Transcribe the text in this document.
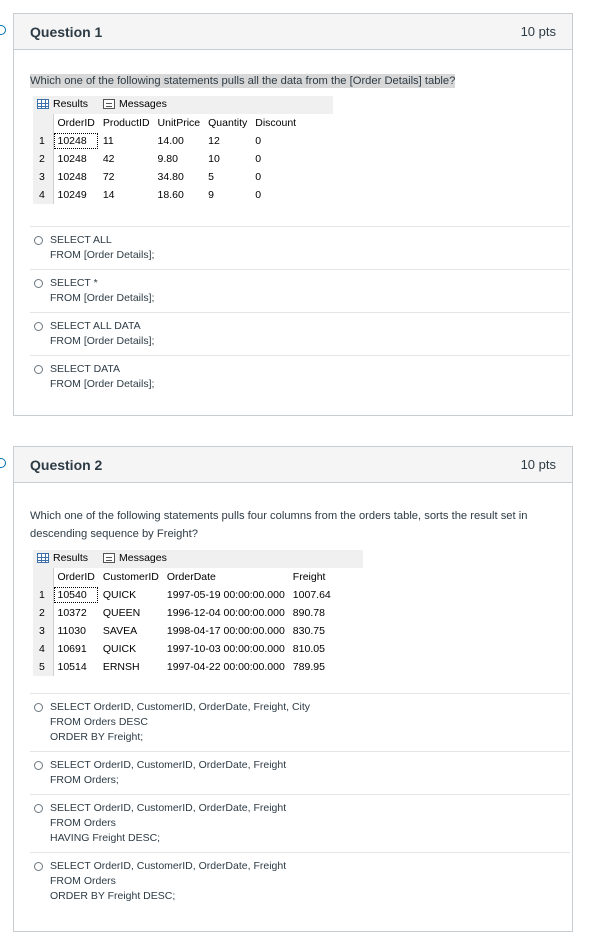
Question 1	10 pts
Which one of the following statements pulls all the data from the [Order Details] table?
Results	Messages
	OrderID	ProductID	UnitPrice	Quantity	Discount
1	10248	11	14.00	12	0
2	10248	42	9.80	10	0
3	10248	72	34.80	5	0
4	10249	14	18.60	9	0
SELECT ALL
FROM [Order Details];
SELECT *
FROM [Order Details];
SELECT ALL DATA
FROM [Order Details];
SELECT DATA
FROM [Order Details];
Question 2	10 pts
Which one of the following statements pulls four columns from the orders table, sorts the result set in descending sequence by Freight?
Results	Messages
	OrderID	CustomerID	OrderDate	Freight
1	10540	QUICK	1997-05-19 00:00:00.000	1007.64
2	10372	QUEEN	1996-12-04 00:00:00.000	890.78
3	11030	SAVEA	1998-04-17 00:00:00.000	830.75
4	10691	QUICK	1997-10-03 00:00:00.000	810.05
5	10514	ERNSH	1997-04-22 00:00:00.000	789.95
SELECT OrderID, CustomerID, OrderDate, Freight, City
FROM Orders DESC
ORDER BY Freight;
SELECT OrderID, CustomerID, OrderDate, Freight
FROM Orders;
SELECT OrderID, CustomerID, OrderDate, Freight
FROM Orders
HAVING Freight DESC;
SELECT OrderID, CustomerID, OrderDate, Freight
FROM Orders
ORDER BY Freight DESC;
